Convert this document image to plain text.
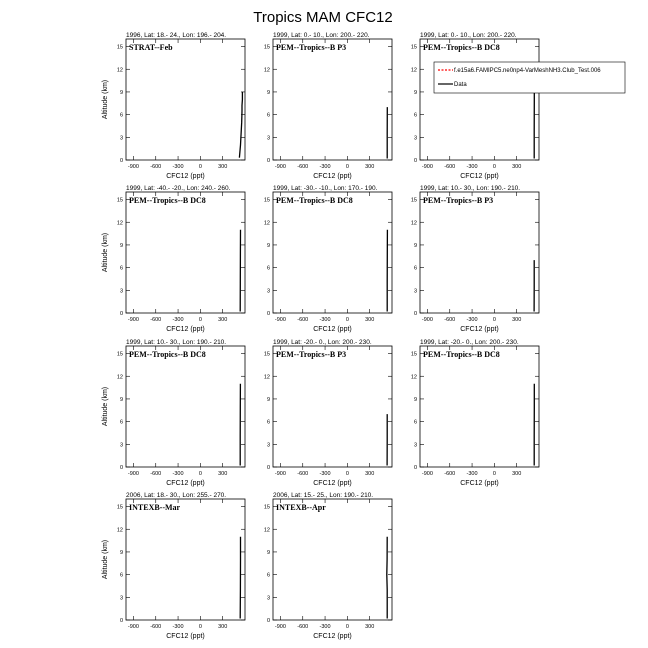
Tropics MAM CFC12
1996, Lat: 18.- 24., Lon: 196.- 204.
STRAT--Feb
-900 -600 -300	0	300
0
3
6
9
12
15
CFC12 (ppt)
Altitude (km)
1999, Lat: 0.- 10., Lon: 200.- 220.
PEM--Tropics--B P3
-900 -600 -300	0	300
0
3
6
9
12
15
CFC12 (ppt)
1999, Lat: 0.- 10., Lon: 200.- 220.
PEM--Tropics--B DC8
-900 -600 -300	0	300
0
3
6
9
12
15
CFC12 (ppt)
f.e15a6.FAMIPC5.ne0np4-VarMeshNH3.Club_Test.006
Data
1999, Lat: -40.- -20., Lon: 240.- 260.
PEM--Tropics--B DC8
-900 -600 -300	0	300
0
3
6
9
12
15
CFC12 (ppt)
Altitude (km)
1999, Lat: -30.- -10., Lon: 170.- 190.
PEM--Tropics--B DC8
-900 -600 -300	0	300
0
3
6
9
12
15
CFC12 (ppt)
1999, Lat: 10.- 30., Lon: 190.- 210.
PEM--Tropics--B P3
-900 -600 -300	0	300
0
3
6
9
12
15
CFC12 (ppt)
1999, Lat: 10.- 30., Lon: 190.- 210.
PEM--Tropics--B DC8
-900 -600 -300	0	300
0
3
6
9
12
15
CFC12 (ppt)
Altitude (km)
1999, Lat: -20.- 0., Lon: 200.- 230.
PEM--Tropics--B P3
-900 -600 -300	0	300
0
3
6
9
12
15
CFC12 (ppt)
1999, Lat: -20.- 0., Lon: 200.- 230.
PEM--Tropics--B DC8
-900 -600 -300	0	300
0
3
6
9
12
15
CFC12 (ppt)
2006, Lat: 18.- 30., Lon: 255.- 270.
INTEXB--Mar
-900 -600 -300	0	300
0
3
6
9
12
15
CFC12 (ppt)
Altitude (km)
2006, Lat: 15.- 25., Lon: 190.- 210.
INTEXB--Apr
-900 -600 -300	0	300
0
3
6
9
12
15
CFC12 (ppt)
